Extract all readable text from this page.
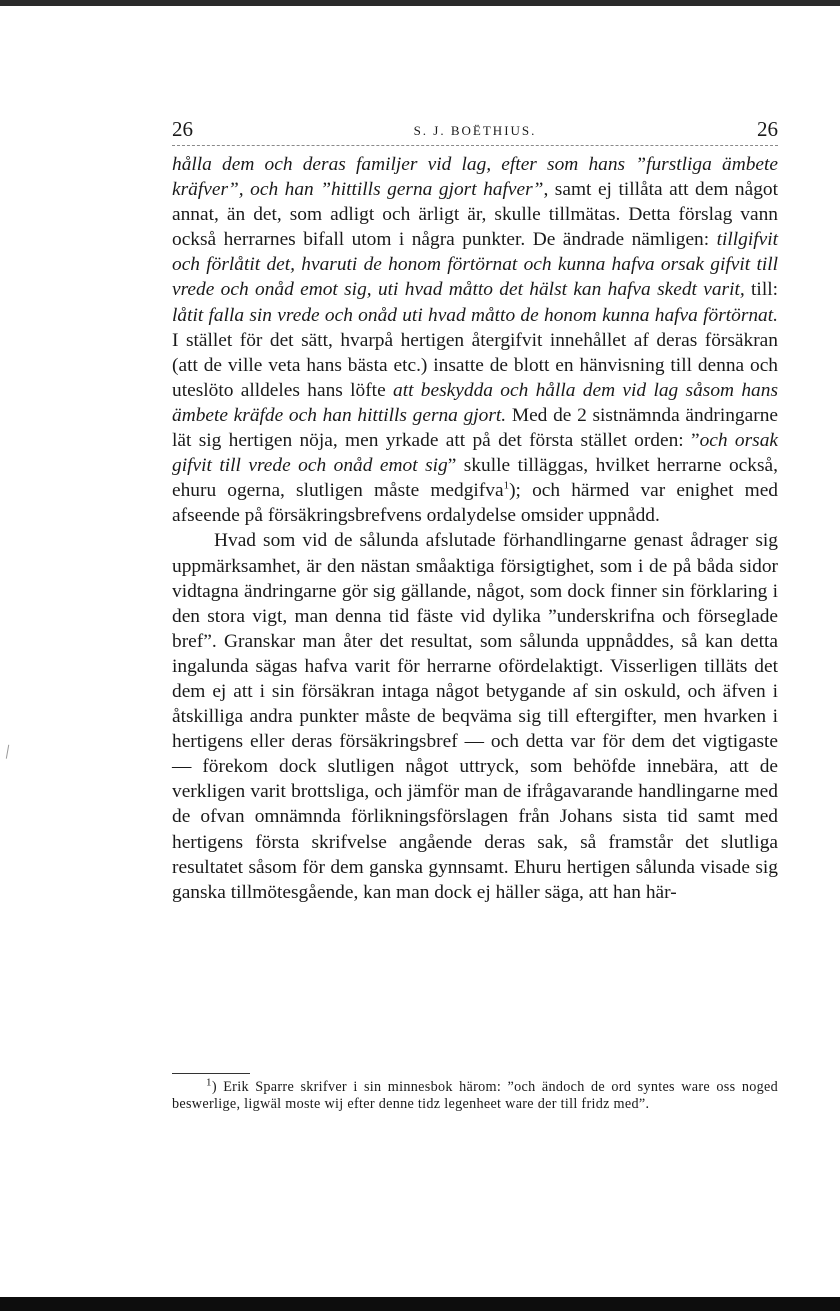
26	S. J. BOËTHIUS.	26

hålla dem och deras familjer vid lag, efter som hans ”furstliga ämbete kräfver”, och han ”hittills gerna gjort hafver”, samt ej tillåta att dem något annat, än det, som adligt och ärligt är, skulle tillmätas. Detta förslag vann också herrarnes bifall utom i några punkter. De ändrade nämligen: tillgifvit och förlåtit det, hvaruti de honom förtörnat och kunna hafva orsak gifvit till vrede och onåd emot sig, uti hvad måtto det hälst kan hafva skedt varit, till: låtit falla sin vrede och onåd uti hvad måtto de honom kunna hafva förtörnat. I stället för det sätt, hvarpå hertigen återgifvit innehållet af deras försäkran (att de ville veta hans bästa etc.) insatte de blott en hänvisning till denna och uteslöto alldeles hans löfte att beskydda och hålla dem vid lag såsom hans ämbete kräfde och han hittills gerna gjort. Med de 2 sistnämnda ändringarne lät sig hertigen nöja, men yrkade att på det första stället orden: ”och orsak gifvit till vrede och onåd emot sig” skulle tilläggas, hvilket herrarne också, ehuru ogerna, slutligen måste medgifva$^1$); och härmed var enighet med afseende på försäkringsbrefvens ordalydelse omsider uppnådd.

Hvad som vid de sålunda afslutade förhandlingarne genast ådrager sig uppmärksamhet, är den nästan småaktiga försigtighet, som i de på båda sidor vidtagna ändringarne gör sig gällande, något, som dock finner sin förklaring i den stora vigt, man denna tid fäste vid dylika ”underskrifna och förseglade bref”. Granskar man åter det resultat, som sålunda uppnåddes, så kan detta ingalunda sägas hafva varit för herrarne ofördelaktigt. Visserligen tilläts det dem ej att i sin försäkran intaga något betygande af sin oskuld, och äfven i åtskilliga andra punkter måste de beqväma sig till eftergifter, men hvarken i hertigens eller deras försäkringsbref — och detta var för dem det vigtigaste — förekom dock slutligen något uttryck, som behöfde innebära, att de verkligen varit brottsliga, och jämför man de ifrågavarande handlingarne med de ofvan omnämnda förlikningsförslagen från Johans sista tid samt med hertigens första skrifvelse angående deras sak, så framstår det slutliga resultatet såsom för dem ganska gynnsamt. Ehuru hertigen sålunda visade sig ganska tillmötesgående, kan man dock ej häller säga, att han här-

$^1$) Erik Sparre skrifver i sin minnesbok härom: ”och ändoch de ord syntes ware oss noged beswerlige, ligwäl moste wij efter denne tidz legenheet ware der till fridz med”.
